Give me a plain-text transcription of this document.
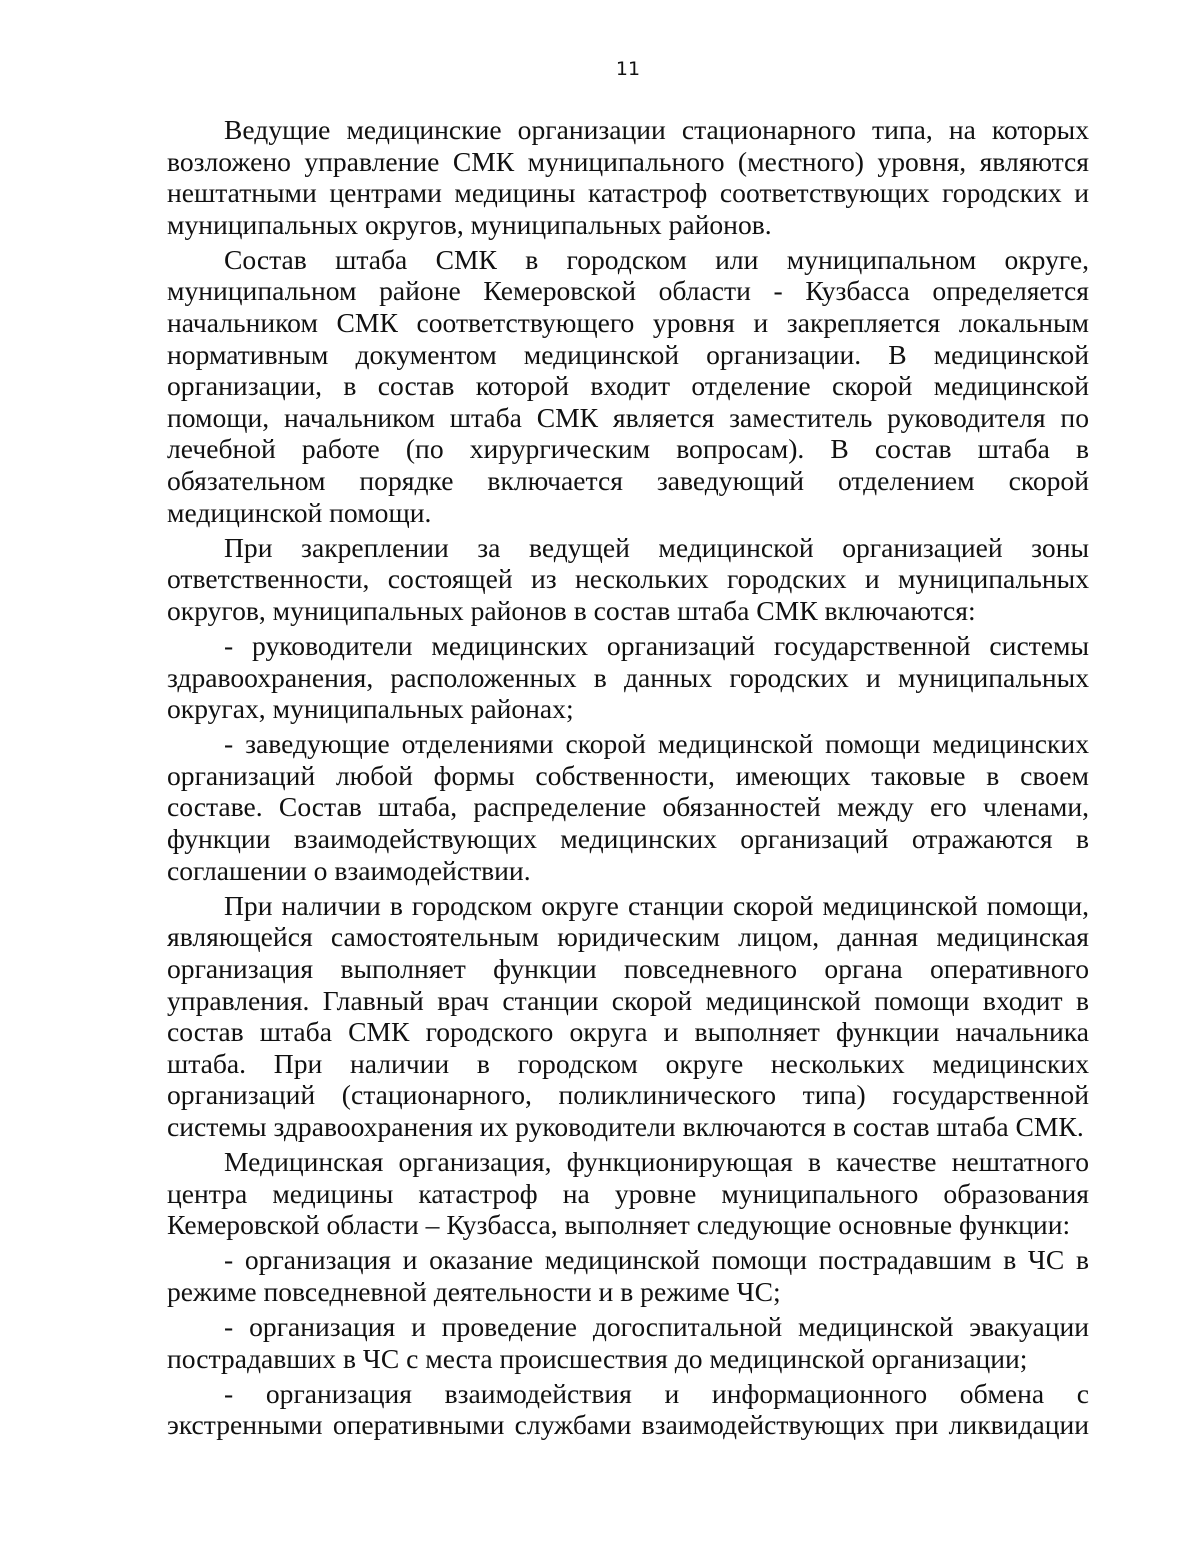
11

Ведущие медицинские организации стационарного типа, на которых возложено управление СМК муниципального (местного) уровня, являются нештатными центрами медицины катастроф соответствующих городских и муниципальных округов, муниципальных районов.

Состав штаба СМК в городском или муниципальном округе, муниципальном районе Кемеровской области - Кузбасса определяется начальником СМК соответствующего уровня и закрепляется локальным нормативным документом медицинской организации. В медицинской организации, в состав которой входит отделение скорой медицинской помощи, начальником штаба СМК является заместитель руководителя по лечебной работе (по хирургическим вопросам). В состав штаба в обязательном порядке включается заведующий отделением скорой медицинской помощи.

При закреплении за ведущей медицинской организацией зоны ответственности, состоящей из нескольких городских и муниципальных округов, муниципальных районов в состав штаба СМК включаются:

- руководители медицинских организаций государственной системы здравоохранения, расположенных в данных городских и муниципальных округах, муниципальных районах;

- заведующие отделениями скорой медицинской помощи медицинских организаций любой формы собственности, имеющих таковые в своем составе. Состав штаба, распределение обязанностей между его членами, функции взаимодействующих медицинских организаций отражаются в соглашении о взаимодействии.

При наличии в городском округе станции скорой медицинской помощи, являющейся самостоятельным юридическим лицом, данная медицинская организация выполняет функции повседневного органа оперативного управления. Главный врач станции скорой медицинской помощи входит в состав штаба СМК городского округа и выполняет функции начальника штаба. При наличии в городском округе нескольких медицинских организаций (стационарного, поликлинического типа) государственной системы здравоохранения их руководители включаются в состав штаба СМК.

Медицинская организация, функционирующая в качестве нештатного центра медицины катастроф на уровне муниципального образования Кемеровской области – Кузбасса, выполняет следующие основные функции:

- организация и оказание медицинской помощи пострадавшим в ЧС в режиме повседневной деятельности и в режиме ЧС;

- организация и проведение догоспитальной медицинской эвакуации пострадавших в ЧС с места происшествия до медицинской организации;

- организация взаимодействия и информационного обмена с экстренными оперативными службами взаимодействующих при ликвидации
